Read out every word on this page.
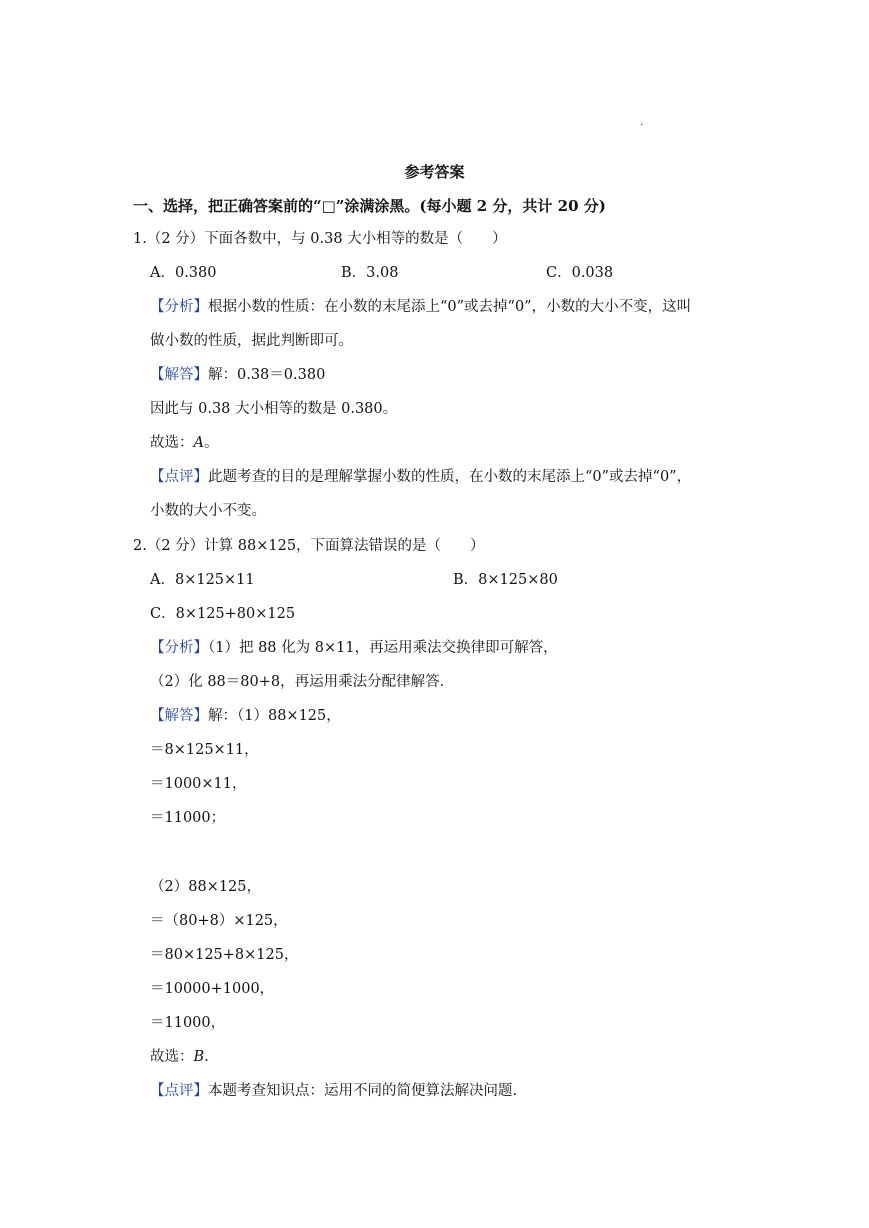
·
参考答案
一、选择，把正确答案前的“□”涂满涂黑。(每小题 2 分，共计 20 分)
1.（2 分）下面各数中，与 0.38 大小相等的数是（　　）
A．0.380	B．3.08	C．0.038
【分析】根据小数的性质：在小数的末尾添上“0”或去掉“0”，小数的大小不变，这叫
做小数的性质，据此判断即可。
【解答】解：0.38＝0.380
因此与 0.38 大小相等的数是 0.380。
故选：A。
【点评】此题考查的目的是理解掌握小数的性质，在小数的末尾添上“0”或去掉“0”，
小数的大小不变。
2.（2 分）计算 88×125，下面算法错误的是（　　）
A．8×125×11	B．8×125×80
C．8×125+80×125
【分析】（1）把 88 化为 8×11，再运用乘法交换律即可解答，
（2）化 88＝80+8，再运用乘法分配律解答．
【解答】解：（1）88×125，
＝8×125×11，
＝1000×11，
＝11000；
（2）88×125，
＝（80+8）×125，
＝80×125+8×125，
＝10000+1000，
＝11000，
故选：B.
【点评】本题考查知识点：运用不同的简便算法解决问题.
